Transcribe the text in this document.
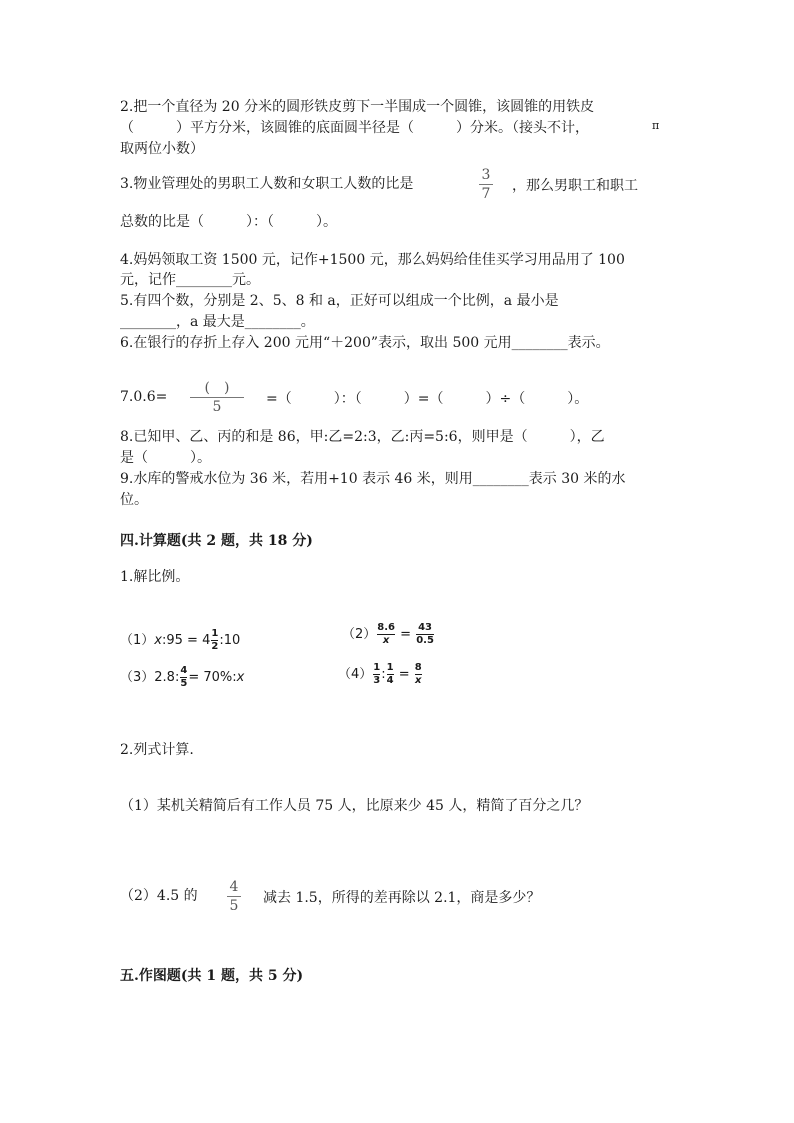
2.把一个直径为 20 分米的圆形铁皮剪下一半围成一个圆锥，该圆锥的用铁皮
（　　　）平方分米，该圆锥的底面圆半径是（　　　）分米。（接头不计，	π
取两位小数）
3.物业管理处的男职工人数和女职工人数的比是
3
7 ，那么男职工和职工
总数的比是（　　　）：（　　　）。
4.妈妈领取工资 1500 元，记作+1500 元，那么妈妈给佳佳买学习用品用了 100
元，记作________元。
5.有四个数，分别是 2、5、8 和 a，正好可以组成一个比例，a 最小是
________，a 最大是________。
6.在银行的存折上存入 200 元用“＋200”表示，取出 500 元用________表示。
7.0.6=
(　)
5	=（　　　）：（　　　）=（　　　）÷（　　　）。
8.已知甲、乙、丙的和是 86，甲:乙=2:3，乙:丙=5:6，则甲是（　　　），乙
是（　　　）。
9.水库的警戒水位为 36 米，若用+10 表示 46 米，则用________表示 30 米的水
位。
四.计算题(共 2 题，共 18 分)
1.解比例。
（1）x:95 = $4 \frac{1}{2}$ :10	$(2) \frac{8.6}{x} = \frac{43}{0.5}$
（3）2.8: $\frac{4}{5}$ = 70%:x	$(4) \frac{1}{3}$ : $\frac{1}{4} = \frac{8}{x}$
2.列式计算.
（1）某机关精简后有工作人员 75 人，比原来少 45 人，精简了百分之几？
（2）4.5 的
4
5 减去 1.5，所得的差再除以 2.1，商是多少？
五.作图题(共 1 题，共 5 分)
